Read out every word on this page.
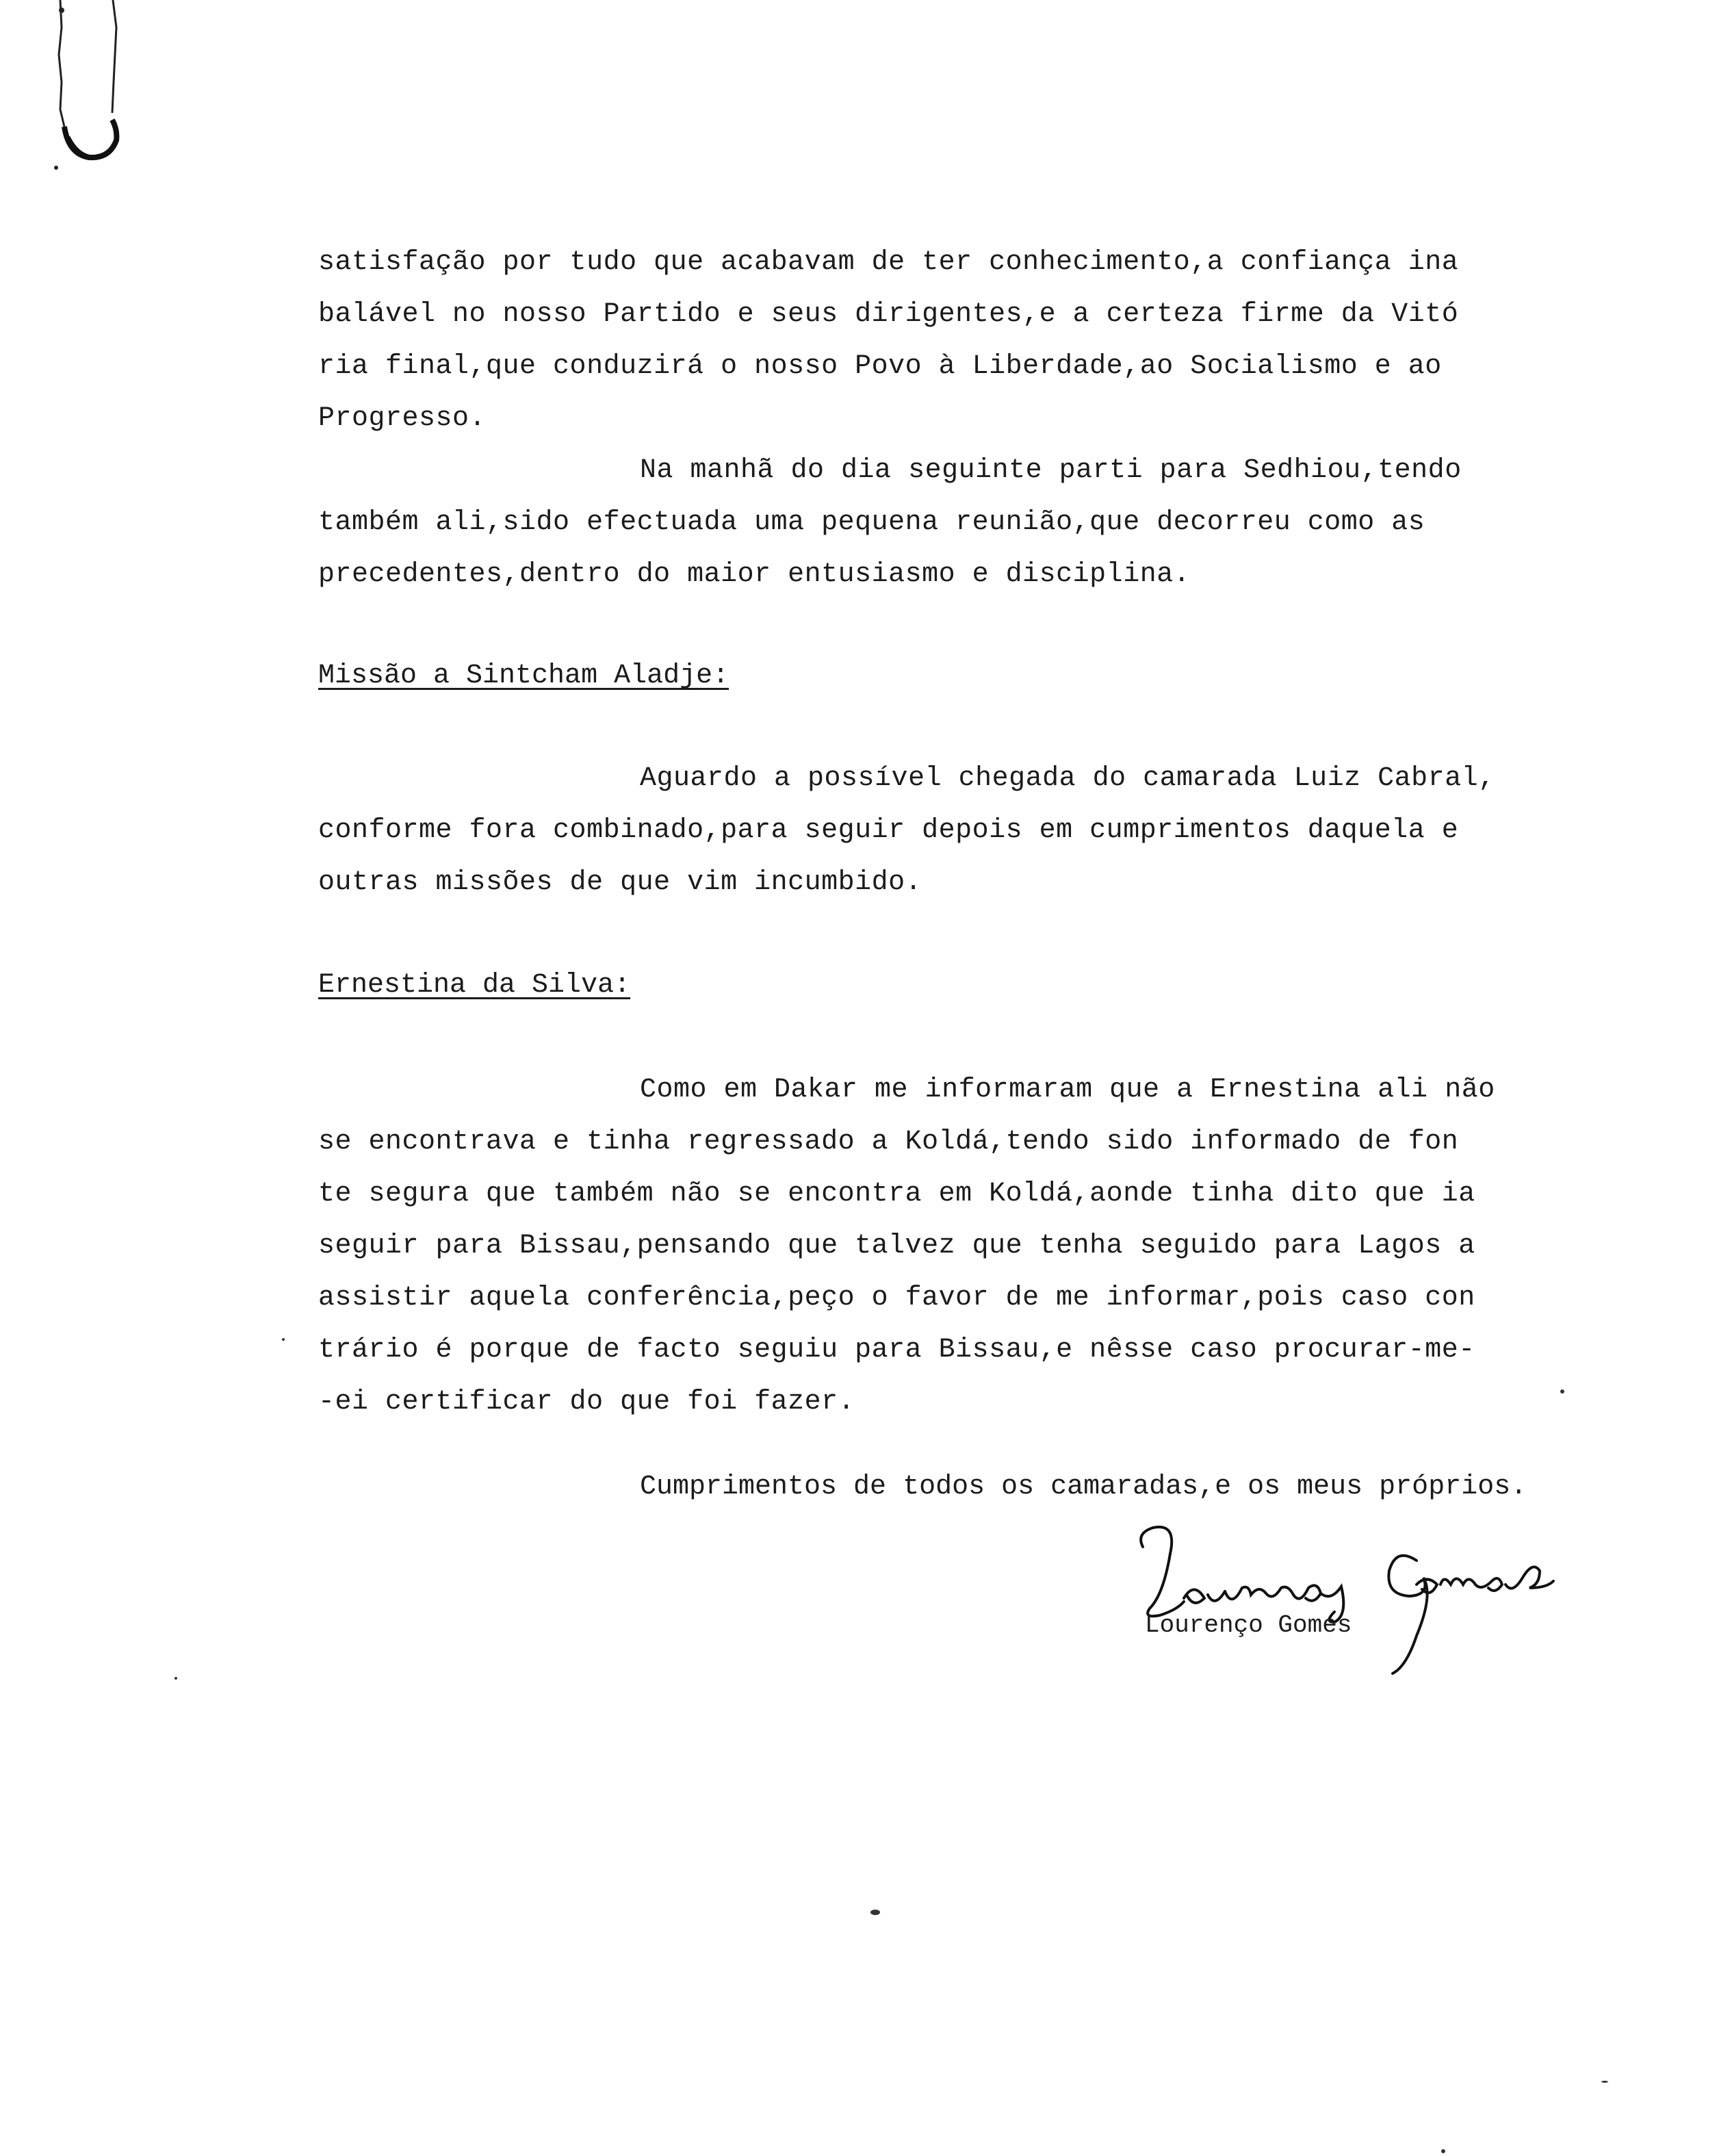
satisfação por tudo que acabavam de ter conhecimento,a confiança ina
balável no nosso Partido e seus dirigentes,e a certeza firme da Vitó
ria final,que conduzirá o nosso Povo à Liberdade,ao Socialismo e ao
Progresso.
Na manhã do dia seguinte parti para Sedhiou,tendo
também ali,sido efectuada uma pequena reunião,que decorreu como as
precedentes,dentro do maior entusiasmo e disciplina.
Missão a Sintcham Aladje:
Aguardo a possível chegada do camarada Luiz Cabral,
conforme fora combinado,para seguir depois em cumprimentos daquela e
outras missões de que vim incumbido.
Ernestina da Silva:
Como em Dakar me informaram que a Ernestina ali não
se encontrava e tinha regressado a Koldá,tendo sido informado de fon
te segura que também não se encontra em Koldá,aonde tinha dito que ia
seguir para Bissau,pensando que talvez que tenha seguido para Lagos a
assistir aquela conferência,peço o favor de me informar,pois caso con
trário é porque de facto seguiu para Bissau,e nêsse caso procurar-me-
-ei certificar do que foi fazer.
Cumprimentos de todos os camaradas,e os meus próprios.
Lourenço Gomes
